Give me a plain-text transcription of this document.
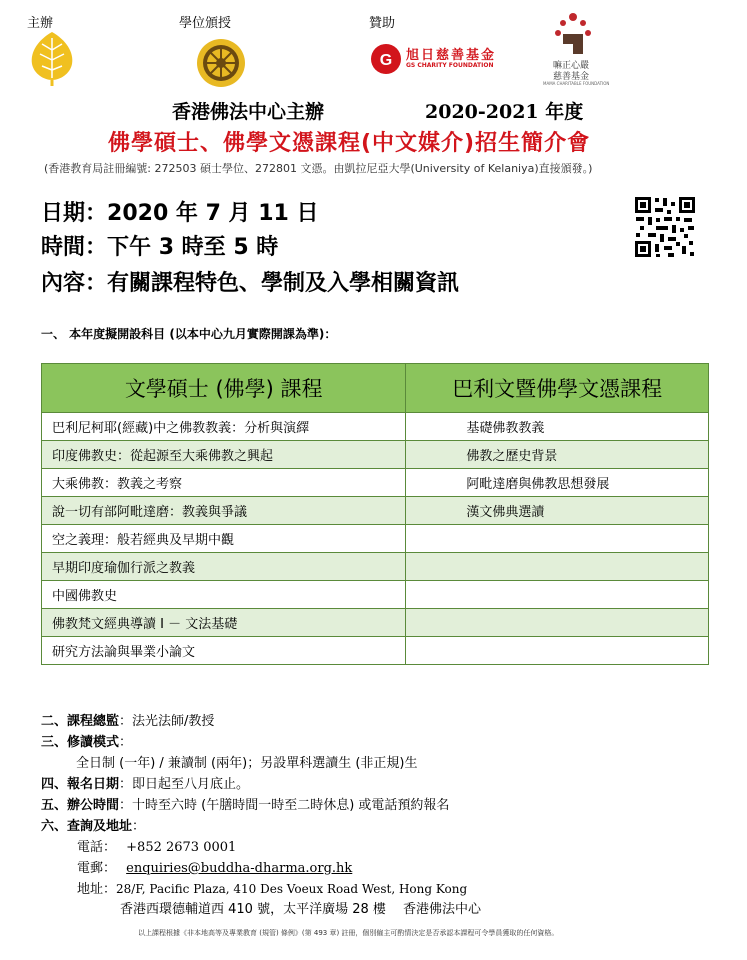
主辦	學位頒授	贊助
G 旭日慈善基金
GS CHARITY FOUNDATION	嘛正心嚴
慈善基金
MAMA CHARITABLE FOUNDATION
香港佛法中心主辦	2020-2021 年度
佛學碩士、佛學文憑課程(中文媒介)招生簡介會
(香港教育局註冊編號: 272503 碩士學位、272801 文憑。由凱拉尼亞大學(University of Kelaniya)直接頒發。)
日期：2020 年 7 月 11 日
時間：下午 3 時至 5 時
內容：有關課程特色、學制及入學相關資訊
一、 本年度擬開設科目 (以本中心九月實際開課為準)：
文學碩士 (佛學) 課程	巴利文暨佛學文憑課程
巴利尼柯耶(經藏)中之佛教教義：分析與演繹	基礎佛教教義
印度佛教史：從起源至大乘佛教之興起	佛教之歷史背景
大乘佛教：教義之考察	阿毗達磨與佛教思想發展
說一切有部阿毗達磨：教義與爭議	漢文佛典選讀
空之義理：般若經典及早期中觀	
早期印度瑜伽行派之教義	
中國佛教史	
佛教梵文經典導讀 Ⅰ － 文法基礎	
研究方法論與畢業小論文	
二、課程總監：法光法師/教授
三、修讀模式：
全日制 (一年) / 兼讀制 (兩年)；另設單科選讀生 (非正規)生
四、報名日期：即日起至八月底止。
五、辦公時間：十時至六時 (午膳時間一時至二時休息) 或電話預約報名
六、查詢及地址：
電話： +852 2673 0001
電郵： enquiries@buddha-dharma.org.hk
地址：28/F, Pacific Plaza, 410 Des Voeux Road West, Hong Kong
香港西環德輔道西 410 號，太平洋廣場 28 樓　 香港佛法中心
以上課程根據《非本地高等及專業教育 (規管) 條例》(第 493 章) 註冊，個別僱主可酌情決定是否承認本課程可令學員獲取的任何資格。
